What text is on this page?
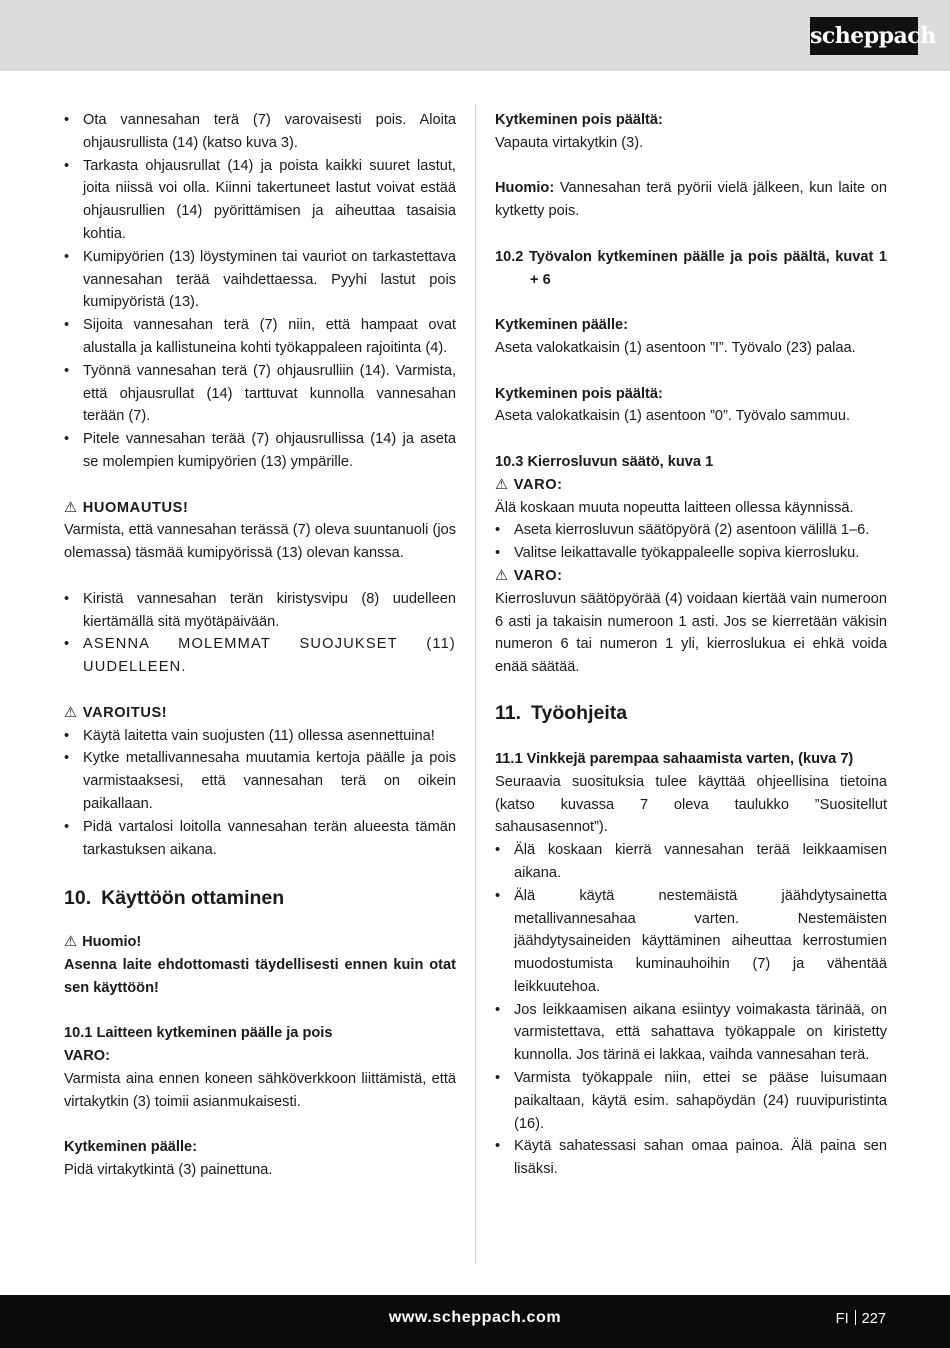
scheppach
• Ota vannesahan terä (7) varovaisesti pois. Aloita ohjausrullista (14) (katso kuva 3).
• Tarkasta ohjausrullat (14) ja poista kaikki suuret lastut, joita niissä voi olla. Kiinni takertuneet lastut voivat estää ohjausrullien (14) pyörittämisen ja aiheuttaa tasaisia kohtia.
• Kumipyörien (13) löystyminen tai vauriot on tarkastettava vannesahan terää vaihdettaessa. Pyyhi lastut pois kumipyöristä (13).
• Sijoita vannesahan terä (7) niin, että hampaat ovat alustalla ja kallistuneina kohti työkappaleen rajoitinta (4).
• Työnnä vannesahan terä (7) ohjausrulliin (14). Varmista, että ohjausrullat (14) tarttuvat kunnolla vannesahan terään (7).
• Pitele vannesahan terää (7) ohjausrullissa (14) ja aseta se molempien kumipyörien (13) ympärille.

⚠ HUOMAUTUS!

Varmista, että vannesahan terässä (7) oleva suuntanuoli (jos olemassa) täsmää kumipyörissä (13) olevan kanssa.

• Kiristä vannesahan terän kiristysvipu (8) uudelleen kiertämällä sitä myötäpäivään.
• ASENNA MOLEMMAT SUOJUKSET (11) UUDELLEEN.

⚠ VAROITUS!

• Käytä laitetta vain suojusten (11) ollessa asennettuina!
• Kytke metallivannesaha muutamia kertoja päälle ja pois varmistaaksesi, että vannesahan terä on oikein paikallaan.
• Pidä vartalosi loitolla vannesahan terän alueesta tämän tarkastuksen aikana.

10. Käyttöön ottaminen

⚠ Huomio!

Asenna laite ehdottomasti täydellisesti ennen kuin otat sen käyttöön!

10.1 Laitteen kytkeminen päälle ja pois

VARO:

Varmista aina ennen koneen sähköverkkoon liittämistä, että virtakytkin (3) toimii asianmukaisesti.

Kytkeminen päälle:

Pidä virtakytkintä (3) painettuna.

Kytkeminen pois päältä:

Vapauta virtakytkin (3).

Huomio: Vannesahan terä pyörii vielä jälkeen, kun laite on kytketty pois.

10.2 Työvalon kytkeminen päälle ja pois päältä, kuvat 1 + 6

Kytkeminen päälle:

Aseta valokatkaisin (1) asentoon ”I”. Työvalo (23) palaa.

Kytkeminen pois päältä:

Aseta valokatkaisin (1) asentoon ”0”. Työvalo sammuu.

10.3 Kierrosluvun säätö, kuva 1

⚠ VARO:

Älä koskaan muuta nopeutta laitteen ollessa käynnissä.

• Aseta kierrosluvun säätöpyörä (2) asentoon välillä 1–6.
• Valitse leikattavalle työkappaleelle sopiva kierrosluku.

⚠ VARO:

Kierrosluvun säätöpyörää (4) voidaan kiertää vain numeroon 6 asti ja takaisin numeroon 1 asti. Jos se kierretään väkisin numeron 6 tai numeron 1 yli, kierroslukua ei ehkä voida enää säätää.

11. Työohjeita

11.1 Vinkkejä parempaa sahaamista varten, (kuva 7)

Seuraavia suosituksia tulee käyttää ohjeellisina tietoina (katso kuvassa 7 oleva taulukko ”Suositellut sahausasennot”).

• Älä koskaan kierrä vannesahan terää leikkaamisen aikana.
• Älä käytä nestemäistä jäähdytysainetta metallivannesahaa varten. Nestemäisten jäähdytysaineiden käyttäminen aiheuttaa kerrostumien muodostumista kuminauhoihin (7) ja vähentää leikkuutehoa.
• Jos leikkaamisen aikana esiintyy voimakasta tärinää, on varmistettava, että sahattava työkappale on kiristetty kunnolla. Jos tärinä ei lakkaa, vaihda vannesahan terä.
• Varmista työkappale niin, ettei se pääse luisumaan paikaltaan, käytä esim. sahapöydän (24) ruuvipuristinta (16).
• Käytä sahatessasi sahan omaa painoa. Älä paina sen lisäksi.
www.scheppach.com	FI 227
